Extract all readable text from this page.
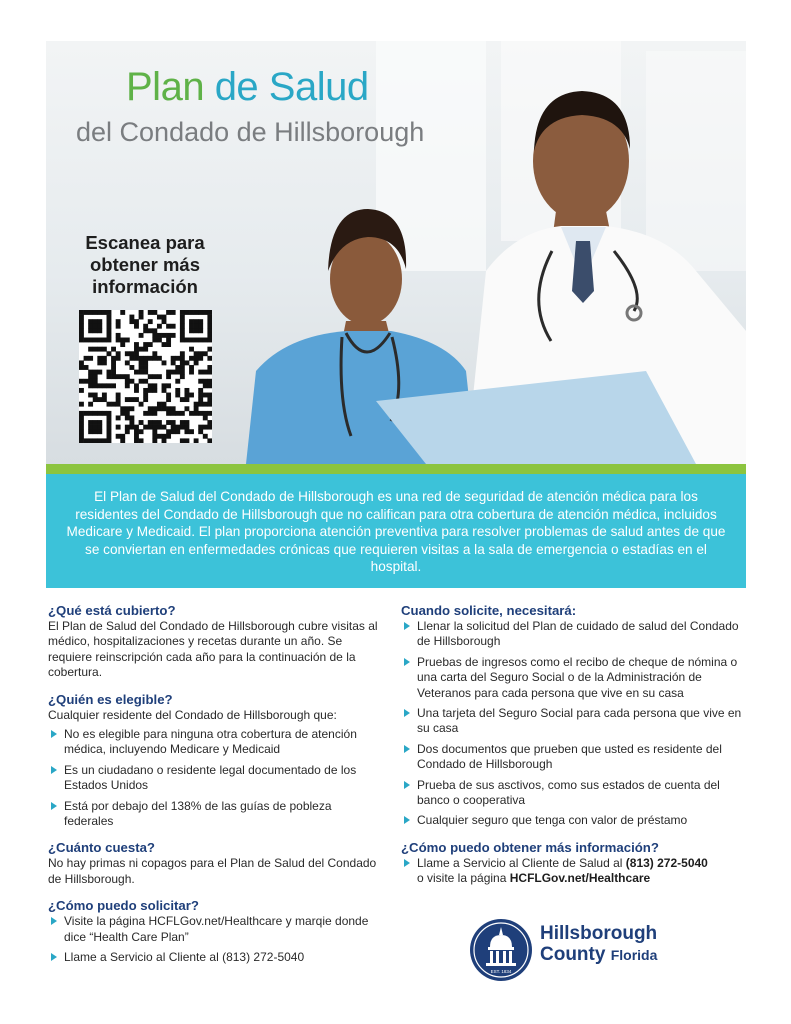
Plan de Salud
del Condado de Hillsborough
Escanea para
obtener más
información
El Plan de Salud del Condado de Hillsborough es una red de seguridad de atención médica para los residentes del Condado de Hillsborough que no califican para otra cobertura de atención médica, incluidos Medicare y Medicaid. El plan proporciona atención preventiva para resolver problemas de salud antes de que se conviertan en enfermedades crónicas que requieren visitas a la sala de emergencia o estadías en el hospital.
¿Qué está cubierto?

El Plan de Salud del Condado de Hillsborough cubre visitas al médico, hospitalizaciones y recetas durante un año. Se requiere reinscripción cada año para la continuación de la cobertura.

¿Quién es elegible?

Cualquier residente del Condado de Hillsborough que:

No es elegible para ninguna otra cobertura de atención médica, incluyendo Medicare y Medicaid
Es un ciudadano o residente legal documentado de los Estados Unidos
Está por debajo del 138% de las guías de pobleza federales
¿Cuánto cuesta?

No hay primas ni copagos para el Plan de Salud del Condado de Hillsborough.

¿Cómo puedo solicitar?
Visite la página HCFLGov.net/Healthcare y marqie donde dice “Health Care Plan”
Llame a Servicio al Cliente al (813) 272-5040
Cuando solicite, necesitará:
Llenar la solicitud del Plan de cuidado de salud del Condado de Hillsborough
Pruebas de ingresos como el recibo de cheque de nómina o una carta del Seguro Social o de la Administración de Veteranos para cada persona que vive en su casa
Una tarjeta del Seguro Social para cada persona que vive en su casa
Dos documentos que prueben que usted es residente del Condado de Hillsborough
Prueba de sus asctivos, como sus estados de cuenta del banco o cooperativa
Cualquier seguro que tenga con valor de préstamo
¿Cómo puedo obtener más información?
Llame a Servicio al Cliente de Salud al (813) 272-5040
o visite la página HCFLGov.net/Healthcare
EST. 1834
Hillsborough
County Florida
